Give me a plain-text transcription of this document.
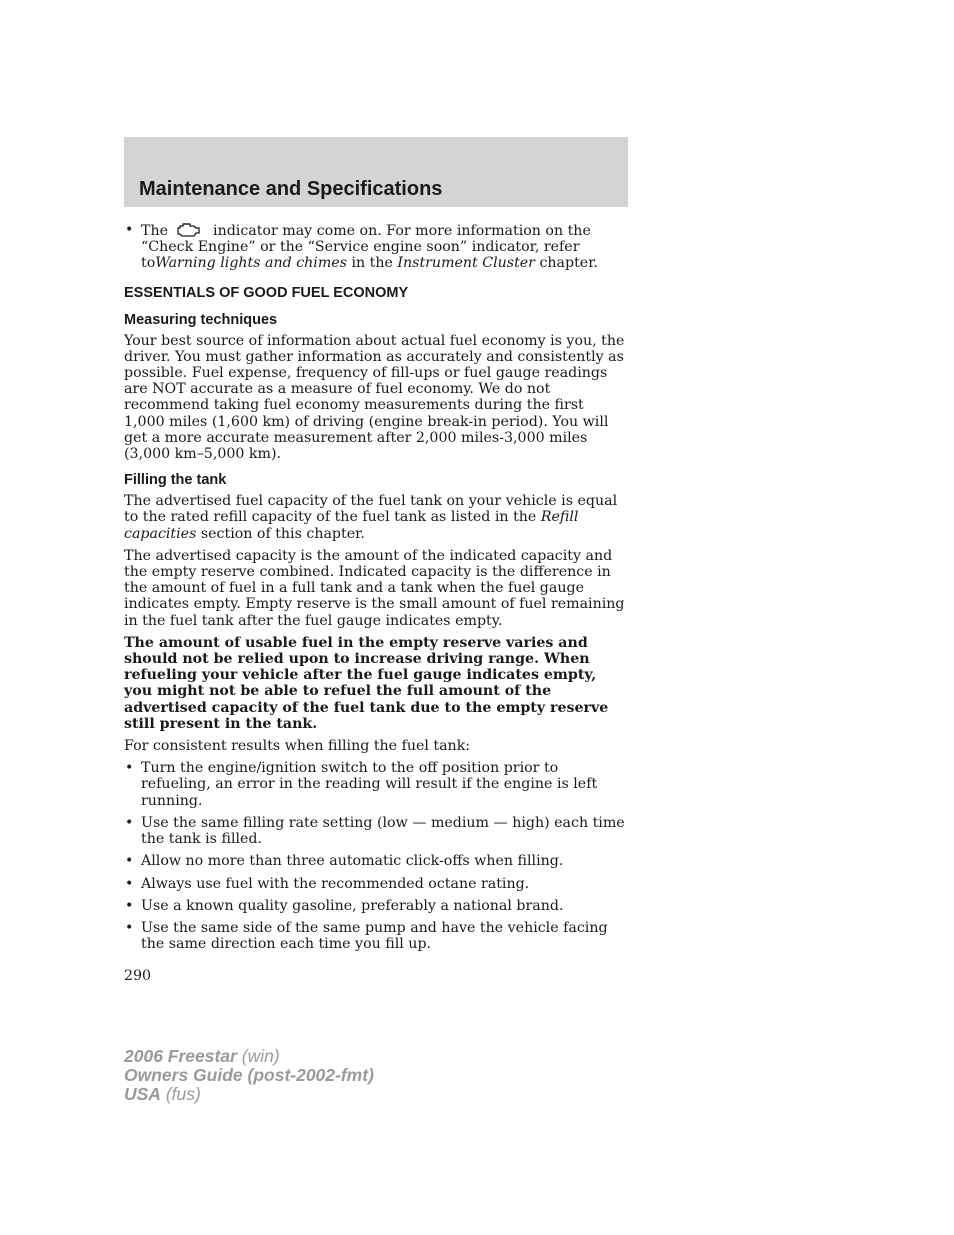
Maintenance and Specifications
• The	indicator may come on. For more information on the “Check Engine” or the “Service engine soon” indicator, refer toWarning lights and chimes in the Instrument Cluster chapter.
ESSENTIALS OF GOOD FUEL ECONOMY
Measuring techniques

Your best source of information about actual fuel economy is you, the driver. You must gather information as accurately and consistently as possible. Fuel expense, frequency of fill-ups or fuel gauge readings are NOT accurate as a measure of fuel economy. We do not recommend taking fuel economy measurements during the first 1,000 miles (1,600 km) of driving (engine break-in period). You will get a more accurate measurement after 2,000 miles-3,000 miles (3,000 km–5,000 km).

Filling the tank

The advertised fuel capacity of the fuel tank on your vehicle is equal to the rated refill capacity of the fuel tank as listed in the Refill capacities section of this chapter.

The advertised capacity is the amount of the indicated capacity and the empty reserve combined. Indicated capacity is the difference in the amount of fuel in a full tank and a tank when the fuel gauge indicates empty. Empty reserve is the small amount of fuel remaining in the fuel tank after the fuel gauge indicates empty.

The amount of usable fuel in the empty reserve varies and should not be relied upon to increase driving range. When refueling your vehicle after the fuel gauge indicates empty, you might not be able to refuel the full amount of the advertised capacity of the fuel tank due to the empty reserve still present in the tank.

For consistent results when filling the fuel tank:

• Turn the engine/ignition switch to the off position prior to refueling, an error in the reading will result if the engine is left running.
• Use the same filling rate setting (low — medium — high) each time the tank is filled.
• Allow no more than three automatic click-offs when filling.
• Always use fuel with the recommended octane rating.
• Use a known quality gasoline, preferably a national brand.
• Use the same side of the same pump and have the vehicle facing the same direction each time you fill up.
290
2006 Freestar (win)
Owners Guide (post-2002-fmt)
USA (fus)
